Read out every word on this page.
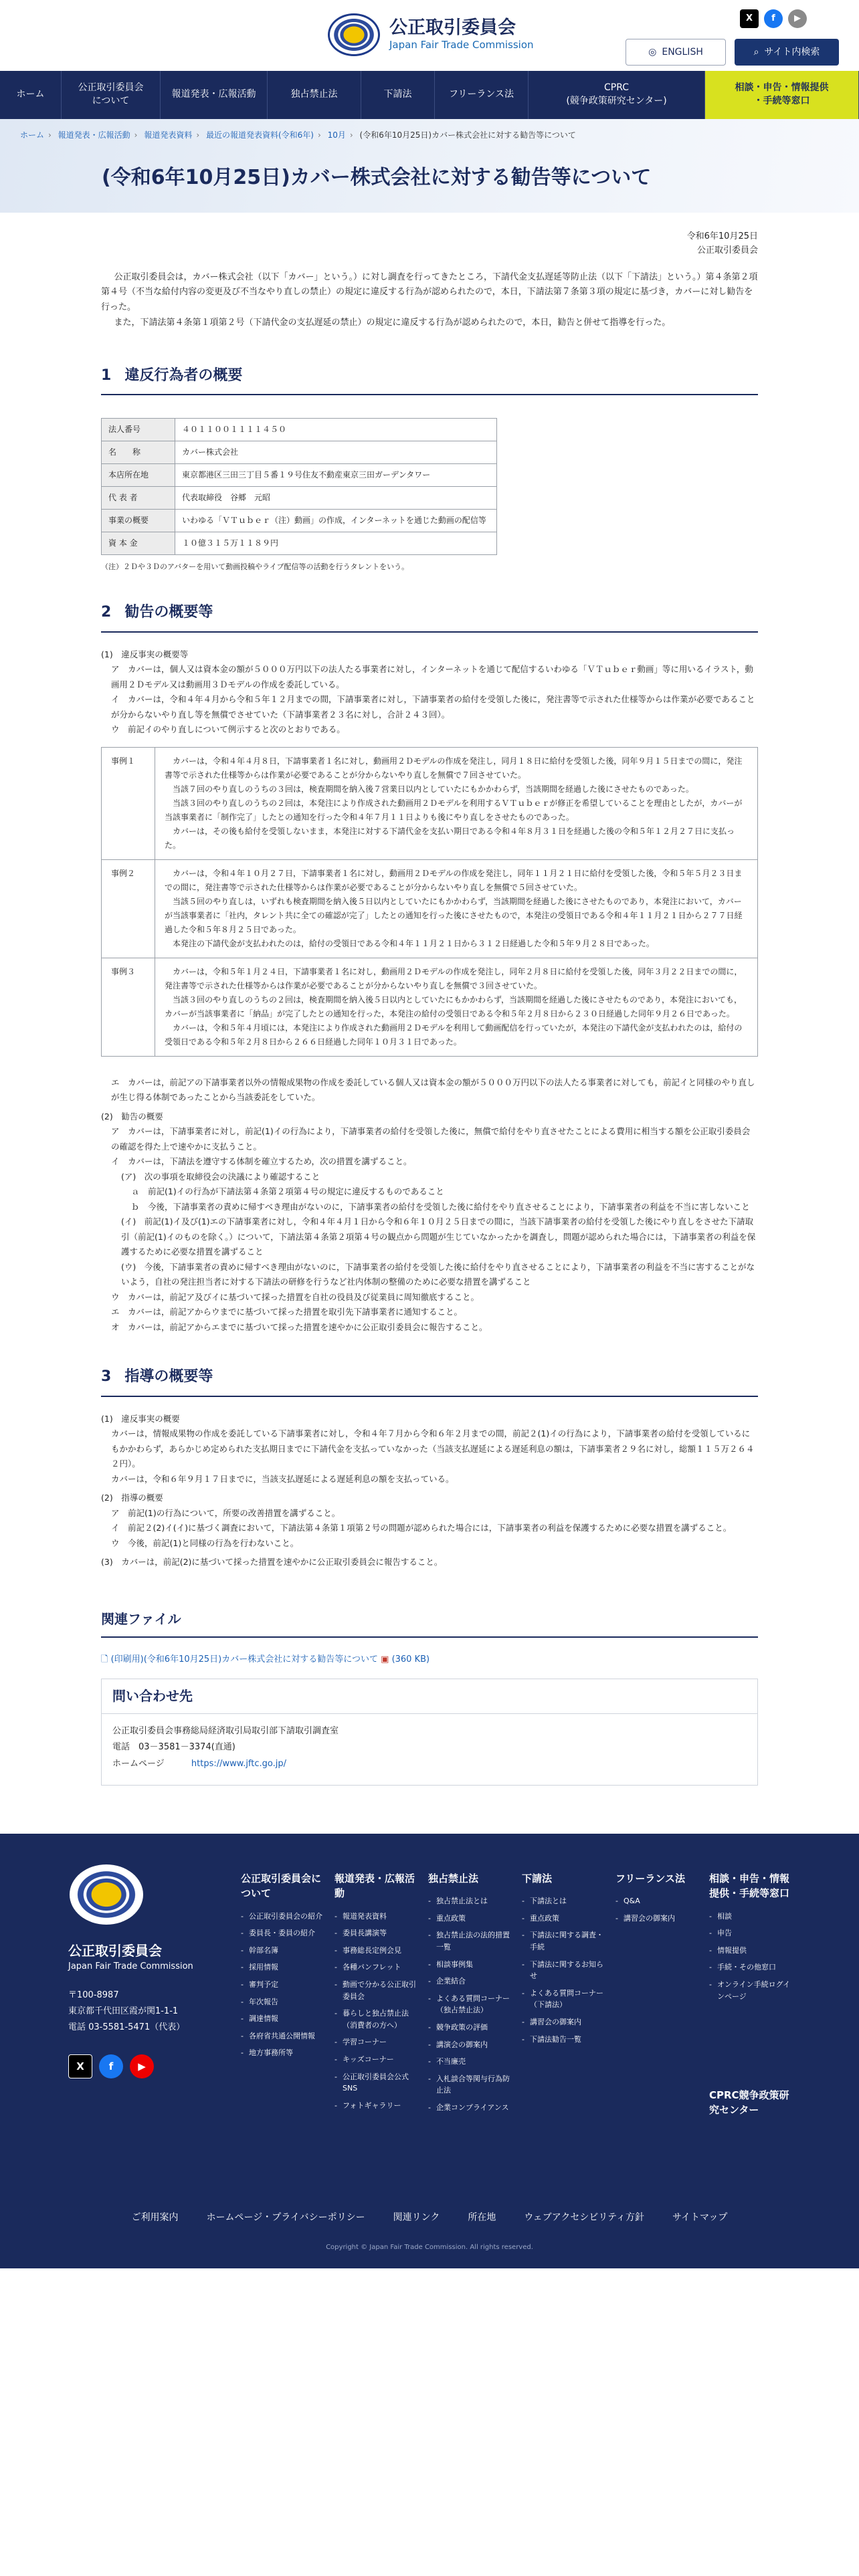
公正取引委員会
Japan Fair Trade Commission
X	f	▶
◎ ENGLISH	⌕ サイト内検索
ホーム
公正取引委員会
について
報道発表・広報活動	独占禁止法	下請法	フリーランス法
CPRC
(競争政策研究センター)
相談・申告・情報提供
・手続等窓口
ホーム › 報道発表・広報活動 › 報道発表資料 › 最近の報道発表資料(令和6年) › 10月 › (令和6年10月25日)カバー株式会社に対する勧告等について
(令和6年10月25日)カバー株式会社に対する勧告等について
令和6年10月25日
公正取引委員会

公正取引委員会は，カバー株式会社（以下「カバー」という。）に対し調査を行ってきたところ，下請代金支払遅延等防止法（以下「下請法」という。）第４条第２項第４号（不当な給付内容の変更及び不当なやり直しの禁止）の規定に違反する行為が認められたので，本日，下請法第７条第３項の規定に基づき，カバーに対し勧告を行った。

また，下請法第４条第１項第２号（下請代金の支払遅延の禁止）の規定に違反する行為が認められたので，本日，勧告と併せて指導を行った。

1 違反行為者の概要
法人番号	４０１１００１１１１４５０
名　　称	カバー株式会社
本店所在地	東京都港区三田三丁目５番１９号住友不動産東京三田ガーデンタワー
代 表 者	代表取締役　谷郷　元昭
事業の概要	いわゆる「ＶＴｕｂｅｒ（注）動画」の作成，インターネットを通じた動画の配信等
資 本 金	１０億３１５万１１８９円

（注）２Ｄや３Ｄのアバターを用いて動画投稿やライブ配信等の活動を行うタレントをいう。

2 勧告の概要等

(1)　違反事実の概要等

ア　カバーは，個人又は資本金の額が５０００万円以下の法人たる事業者に対し，インターネットを通じて配信するいわゆる「ＶＴｕｂｅｒ動画」等に用いるイラスト，動画用２Ｄモデル又は動画用３Ｄモデルの作成を委託している。

イ　カバーは，令和４年４月から令和５年１２月までの間，下請事業者に対し，下請事業者の給付を受領した後に，発注書等で示された仕様等からは作業が必要であることが分からないやり直し等を無償でさせていた（下請事業者２３名に対し，合計２４３回）。

ウ　前記イのやり直しについて例示すると次のとおりである。

事例１	カバーは，令和４年４月８日，下請事業者１名に対し，動画用２Ｄモデルの作成を発注し，同月１８日に給付を受領した後，同年９月１５日までの間に，発注書等で示された仕様等からは作業が必要であることが分からないやり直しを無償で７回させていた。

当該７回のやり直しのうちの３回は，検査期間を納入後７営業日以内としていたにもかかわらず，当該期間を経過した後にさせたものであった。

当該３回のやり直しのうちの２回は，本発注により作成された動画用２Ｄモデルを利用するＶＴｕｂｅｒが修正を希望していることを理由としたが，カバーが当該事業者に「制作完了」したとの通知を行った令和４年７月１１日よりも後にやり直しをさせたものであった。

カバーは，その後も給付を受領しないまま，本発注に対する下請代金を支払い期日である令和４年８月３１日を経過した後の令和５年１２月２７日に支払った。

事例２	カバーは，令和４年１０月２７日，下請事業者１名に対し，動画用２Ｄモデルの作成を発注し，同年１１月２１日に給付を受領した後，令和５年５月２３日までの間に，発注書等で示された仕様等からは作業が必要であることが分からないやり直しを無償で５回させていた。

当該５回のやり直しは，いずれも検査期間を納入後５日以内としていたにもかかわらず，当該期間を経過した後にさせたものであり，本発注において，カバーが当該事業者に「社内，タレント共に全ての確認が完了」したとの通知を行った後にさせたもので，本発注の受領日である令和４年１１月２１日から２７７日経過した令和５年８月２５日であった。

本発注の下請代金が支払われたのは，給付の受領日である令和４年１１月２１日から３１２日経過した令和５年９月２８日であった。

事例３	カバーは，令和５年１月２４日，下請事業者１名に対し，動画用２Ｄモデルの作成を発注し，同年２月８日に給付を受領した後，同年３月２２日までの間に，発注書等で示された仕様等からは作業が必要であることが分からないやり直しを無償で３回させていた。

当該３回のやり直しのうちの２回は，検査期間を納入後５日以内としていたにもかかわらず，当該期間を経過した後にさせたものであり，本発注においても，カバーが当該事業者に「納品」が完了したとの通知を行った，本発注の給付の受領日である令和５年２月８日から２３０日経過した同年９月２６日であった。

カバーは，令和５年４月頃には，本発注により作成された動画用２Ｄモデルを利用して動画配信を行っていたが，本発注の下請代金が支払われたのは，給付の受領日である令和５年２月８日から２６６日経過した同年１０月３１日であった。

エ　カバーは，前記アの下請事業者以外の情報成果物の作成を委託している個人又は資本金の額が５０００万円以下の法人たる事業者に対しても，前記イと同様のやり直しが生じ得る体制であったことから当該委託をしていた。

(2)　勧告の概要

ア　カバーは，下請事業者に対し，前記(1)イの行為により，下請事業者の給付を受領した後に，無償で給付をやり直させたことによる費用に相当する額を公正取引委員会の確認を得た上で速やかに支払うこと。

イ　カバーは，下請法を遵守する体制を確立するため，次の措置を講ずること。

(ア)　次の事項を取締役会の決議により確認すること

ａ　前記(1)イの行為が下請法第４条第２項第４号の規定に違反するものであること

ｂ　今後，下請事業者の責めに帰すべき理由がないのに，下請事業者の給付を受領した後に給付をやり直させることにより，下請事業者の利益を不当に害しないこと

(イ)　前記(1)イ及び(1)エの下請事業者に対し，令和４年４月１日から令和６年１０月２５日までの間に，当該下請事業者の給付を受領した後にやり直しをさせた下請取引（前記(1)イのものを除く。）について，下請法第４条第２項第４号の観点から問題が生じていなかったかを調査し，問題が認められた場合には，下請事業者の利益を保護するために必要な措置を講ずること

(ウ)　今後，下請事業者の責めに帰すべき理由がないのに，下請事業者の給付を受領した後に給付をやり直させることにより，下請事業者の利益を不当に害することがないよう，自社の発注担当者に対する下請法の研修を行うなど社内体制の整備のために必要な措置を講ずること

ウ　カバーは，前記ア及びイに基づいて採った措置を自社の役員及び従業員に周知徹底すること。

エ　カバーは，前記アからウまでに基づいて採った措置を取引先下請事業者に通知すること。

オ　カバーは，前記アからエまでに基づいて採った措置を速やかに公正取引委員会に報告すること。

3 指導の概要等

(1)　違反事実の概要

カバーは，情報成果物の作成を委託している下請事業者に対し，令和４年７月から令和６年２月までの間，前記２(1)イの行為により，下請事業者の給付を受領しているにもかかわらず，あらかじめ定められた支払期日までに下請代金を支払っていなかった（当該支払遅延による遅延利息の額は，下請事業者２９名に対し，総額１１５万２６４２円）。

カバーは，令和６年９月１７日までに，当該支払遅延による遅延利息の額を支払っている。

(2)　指導の概要

ア　前記(1)の行為について，所要の改善措置を講ずること。

イ　前記２(2)イ(イ)に基づく調査において，下請法第４条第１項第２号の問題が認められた場合には，下請事業者の利益を保護するために必要な措置を講ずること。

ウ　今後，前記(1)と同様の行為を行わないこと。

(3)　カバーは，前記(2)に基づいて採った措置を速やかに公正取引委員会に報告すること。

関連ファイル
🗋 (印刷用)(令和6年10月25日)カバー株式会社に対する勧告等について ▣ (360 KB)
問い合わせ先
公正取引委員会事務総局経済取引局取引部下請取引調査室
電話　03－3581－3374(直通)
ホームページ	https://www.jftc.go.jp/
公正取引委員会
Japan Fair Trade Commission
〒100-8987
東京都千代田区霞が関1-1-1
電話 03-5581-5471（代表）
X	f	▶
公正取引委員会について
- 公正取引委員会の紹介
- 委員長・委員の紹介
- 幹部名簿
- 採用情報
- 審判予定
- 年次報告
- 調達情報
- 各府省共通公開情報
- 地方事務所等
報道発表・広報活動
- 報道発表資料
- 委員長講演等
- 事務総長定例会見
- 各種パンフレット
- 動画で分かる公正取引委員会
- 暮らしと独占禁止法（消費者の方へ）
- 学習コーナー
- キッズコーナー
- 公正取引委員会公式SNS
- フォトギャラリー
独占禁止法
- 独占禁止法とは
- 重点政策
- 独占禁止法の法的措置一覧
- 相談事例集
- 企業結合
- よくある質問コーナー（独占禁止法）
- 競争政策の評価
- 講演会の御案内
- 不当廉売
- 入札談合等関与行為防止法
- 企業コンプライアンス
下請法
- 下請法とは
- 重点政策
- 下請法に関する調査・手続
- 下請法に関するお知らせ
- よくある質問コーナー（下請法）
- 講習会の御案内
- 下請法勧告一覧
フリーランス法
- Q&A
- 講習会の御案内
相談・申告・情報提供・手続等窓口
- 相談
- 申告
- 情報提供
- 手続・その他窓口
- オンライン手続ログインページ
CPRC競争政策研究センター
ご利用案内	ホームページ・プライバシーポリシー	関連リンク	所在地	ウェブアクセシビリティ方針	サイトマップ
Copyright © Japan Fair Trade Commission. All rights reserved.
